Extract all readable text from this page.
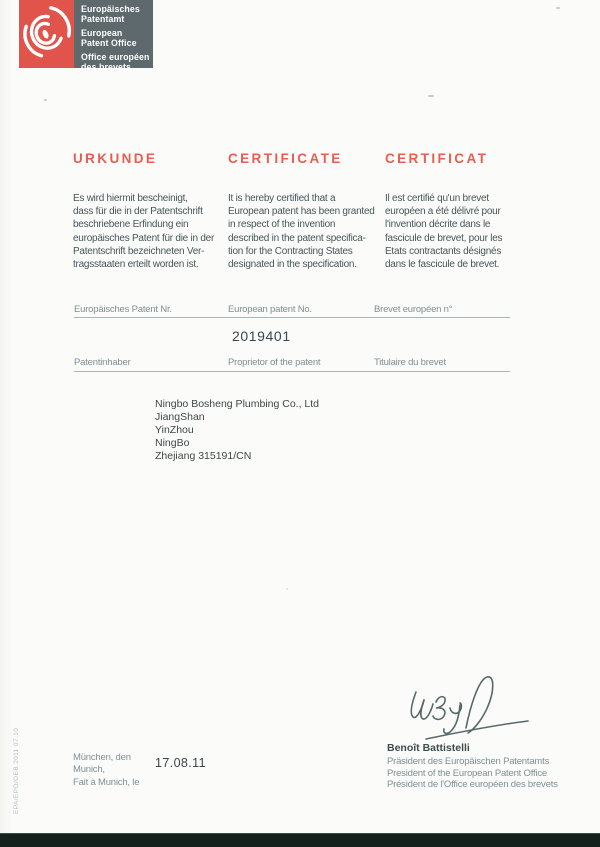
Europäisches
Patentamt
European
Patent Office
Office européen
des brevets
EPA/EPO/OEB 2011 07.10
URKUNDE	CERTIFICATE	CERTIFICAT
Es wird hiermit bescheinigt,
dass für die in der Patentschrift
beschriebene Erfindung ein
europäisches Patent für die in der
Patentschrift bezeichneten Ver-
tragsstaaten erteilt worden ist.
It is hereby certified that a
European patent has been granted
in respect of the invention
described in the patent specifica-
tion for the Contracting States
designated in the specification.
Il est certifié qu'un brevet
européen a été délivré pour
l'invention décrite dans le
fascicule de brevet, pour les
Etats contractants désignés
dans le fascicule de brevet.
Europäisches Patent Nr.	European patent No.	Brevet européen n°
2019401
Patentinhaber	Proprietor of the patent	Titulaire du brevet
Ningbo Bosheng Plumbing Co., Ltd
JiangShan
YinZhou
NingBo
Zhejiang 315191/CN
Benoît Battistelli
Präsident des Europäischen Patentamts
President of the European Patent Office
Président de l'Office européen des brevets
München, den
Munich,
Fait à Munich, le
17.08.11
